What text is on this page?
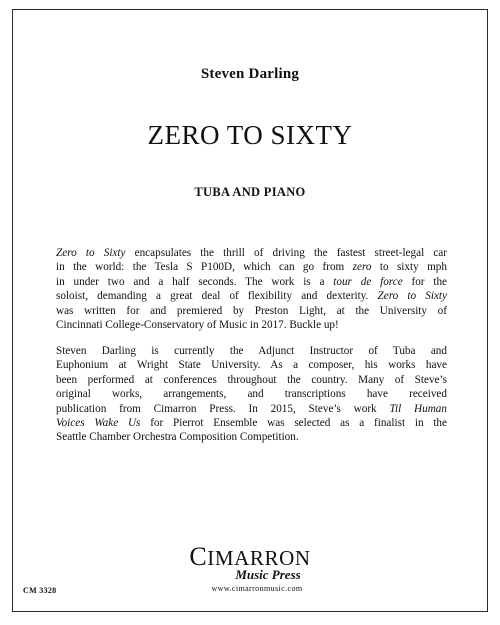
Steven Darling
ZERO TO SIXTY
TUBA AND PIANO
Zero to Sixty encapsulates the thrill of driving the fastest street-legal car
in the world: the Tesla S P100D, which can go from zero to sixty mph
in under two and a half seconds. The work is a tour de force for the
soloist, demanding a great deal of flexibility and dexterity. Zero to Sixty
was written for and premiered by Preston Light, at the University of
Cincinnati College-Conservatory of Music in 2017. Buckle up!
Steven Darling is currently the Adjunct Instructor of Tuba and
Euphonium at Wright State University. As a composer, his works have
been performed at conferences throughout the country. Many of Steve’s
original works, arrangements, and transcriptions have received
publication from Cimarron Press. In 2015, Steve’s work Til Human
Voices Wake Us for Pierrot Ensemble was selected as a finalist in the
Seattle Chamber Orchestra Composition Competition.
CIMARRON
Music Press
www.cimarronmusic.com
CM 3328
